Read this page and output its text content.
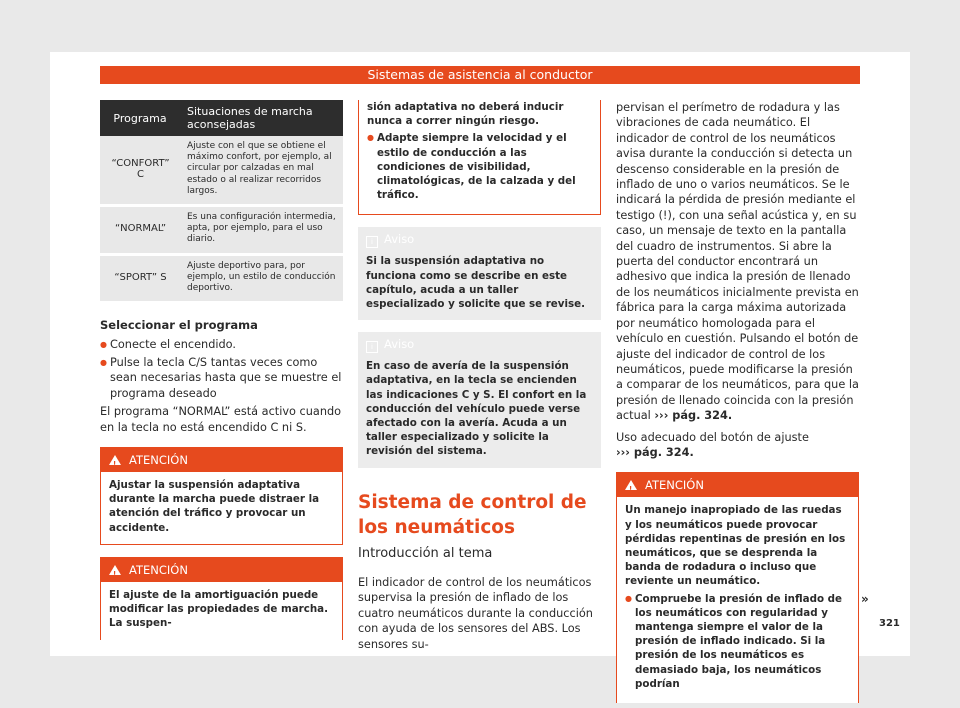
Sistemas de asistencia al conductor
Programa	Situaciones de marcha aconsejadas
“CONFORT” C	Ajuste con el que se obtiene el máximo confort, por ejemplo, al circular por calzadas en mal estado o al realizar recorridos largos.
“NORMAL”	Es una configuración intermedia, apta, por ejemplo, para el uso diario.
“SPORT” S	Ajuste deportivo para, por ejemplo, un estilo de conducción deportivo.
Seleccionar el programa

● Conecte el encendido.

● Pulse la tecla C/S tantas veces como sean necesarias hasta que se muestre el programa deseado

El programa “NORMAL” está activo cuando en la tecla no está encendido C ni S.

!ATENCIÓN
Ajustar la suspensión adaptativa durante la marcha puede distraer la atención del tráfico y provocar un accidente.
!ATENCIÓN
El ajuste de la amortiguación puede modificar las propiedades de marcha. La suspen-

sión adaptativa no deberá inducir nunca a correr ningún riesgo.

● Adapte siempre la velocidad y el estilo de conducción a las condiciones de visibilidad, climatológicas, de la calzada y del tráfico.

i Aviso
Si la suspensión adaptativa no funciona como se describe en este capítulo, acuda a un taller especializado y solicite que se revise.
i Aviso
En caso de avería de la suspensión adaptativa, en la tecla se encienden las indicaciones C y S. El confort en la conducción del vehículo puede verse afectado con la avería. Acuda a un taller especializado y solicite la revisión del sistema.
Sistema de control de los neumáticos
Introducción al tema

El indicador de control de los neumáticos supervisa la presión de inflado de los cuatro neumáticos durante la conducción con ayuda de los sensores del ABS. Los sensores su-

pervisan el perímetro de rodadura y las vibraciones de cada neumático. El indicador de control de los neumáticos avisa durante la conducción si detecta un descenso considerable en la presión de inflado de uno o varios neumáticos. Se le indicará la pérdida de presión mediante el testigo (!), con una señal acústica y, en su caso, un mensaje de texto en la pantalla del cuadro de instrumentos. Si abre la puerta del conductor encontrará un adhesivo que indica la presión de llenado de los neumáticos inicialmente prevista en fábrica para la carga máxima autorizada por neumático homologada para el vehículo en cuestión. Pulsando el botón de ajuste del indicador de control de los neumáticos, puede modificarse la presión a comparar de los neumáticos, para que la presión de llenado coincida con la presión actual ››› pág. 324.

Uso adecuado del botón de ajuste
››› pág. 324.

!ATENCIÓN

Un manejo inapropiado de las ruedas y los neumáticos puede provocar pérdidas repentinas de presión en los neumáticos, que se desprenda la banda de rodadura o incluso que reviente un neumático.

● Compruebe la presión de inflado de los neumáticos con regularidad y mantenga siempre el valor de la presión de inflado indicado. Si la presión de los neumáticos es demasiado baja, los neumáticos podrían

»
321
